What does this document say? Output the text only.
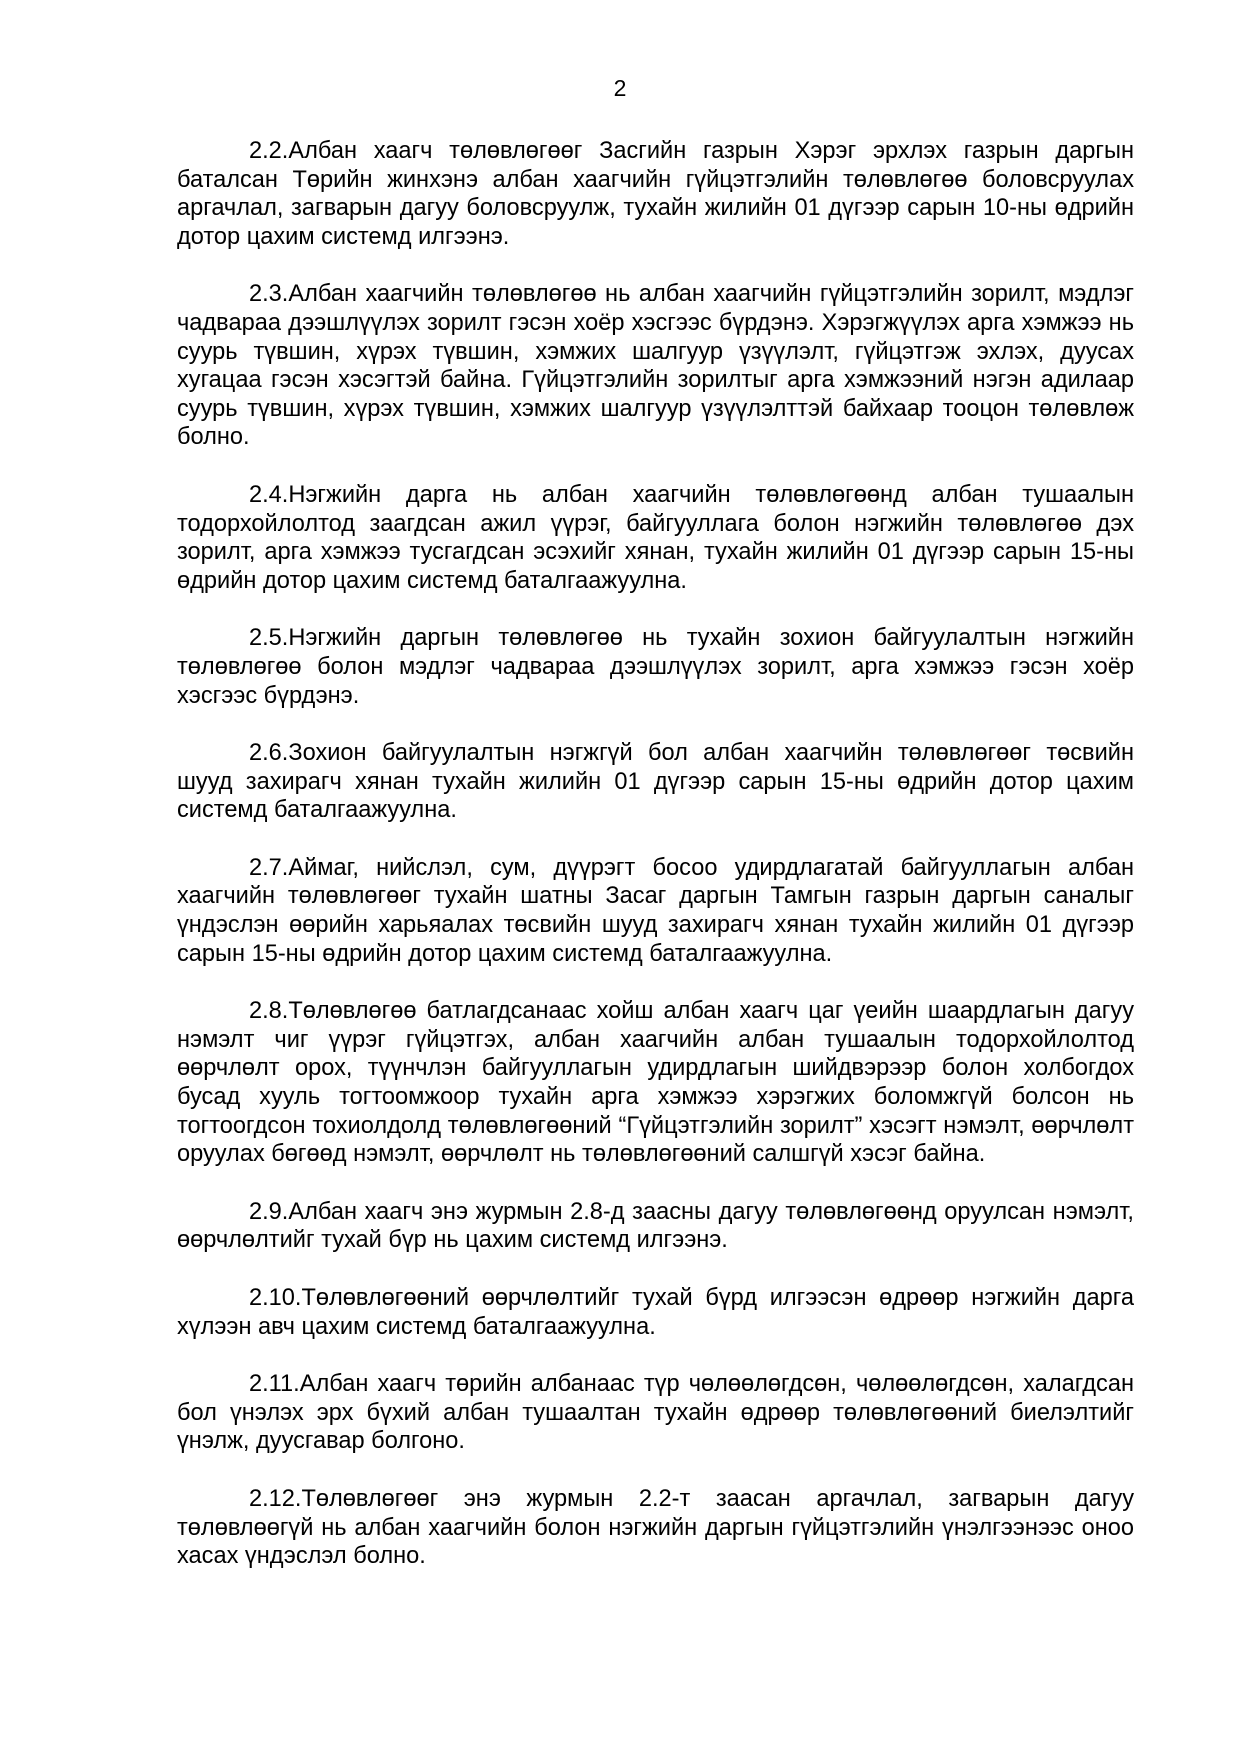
2

2.2.Албан хаагч төлөвлөгөөг Засгийн газрын Хэрэг эрхлэх газрын даргын баталсан Төрийн жинхэнэ албан хаагчийн гүйцэтгэлийн төлөвлөгөө боловсруулах аргачлал, загварын дагуу боловсруулж, тухайн жилийн 01 дүгээр сарын 10-ны өдрийн дотор цахим системд илгээнэ.

2.3.Албан хаагчийн төлөвлөгөө нь албан хаагчийн гүйцэтгэлийн зорилт, мэдлэг чадвараа дээшлүүлэх зорилт гэсэн хоёр хэсгээс бүрдэнэ. Хэрэгжүүлэх арга хэмжээ нь суурь түвшин, хүрэх түвшин, хэмжих шалгуур үзүүлэлт, гүйцэтгэж эхлэх, дуусах хугацаа гэсэн хэсэгтэй байна. Гүйцэтгэлийн зорилтыг арга хэмжээний нэгэн адилаар суурь түвшин, хүрэх түвшин, хэмжих шалгуур үзүүлэлттэй байхаар тооцон төлөвлөж болно.

2.4.Нэгжийн дарга нь албан хаагчийн төлөвлөгөөнд албан тушаалын тодорхойлолтод заагдсан ажил үүрэг, байгууллага болон нэгжийн төлөвлөгөө дэх зорилт, арга хэмжээ тусгагдсан эсэхийг хянан, тухайн жилийн 01 дүгээр сарын 15-ны өдрийн дотор цахим системд баталгаажуулна.

2.5.Нэгжийн даргын төлөвлөгөө нь тухайн зохион байгуулалтын нэгжийн төлөвлөгөө болон мэдлэг чадвараа дээшлүүлэх зорилт, арга хэмжээ гэсэн хоёр хэсгээс бүрдэнэ.

2.6.Зохион байгуулалтын нэгжгүй бол албан хаагчийн төлөвлөгөөг төсвийн шууд захирагч хянан тухайн жилийн 01 дүгээр сарын 15-ны өдрийн дотор цахим системд баталгаажуулна.

2.7.Аймаг, нийслэл, сум, дүүрэгт босоо удирдлагатай байгууллагын албан хаагчийн төлөвлөгөөг тухайн шатны Засаг даргын Тамгын газрын даргын саналыг үндэслэн өөрийн харьяалах төсвийн шууд захирагч хянан тухайн жилийн 01 дүгээр сарын 15-ны өдрийн дотор цахим системд баталгаажуулна.

2.8.Төлөвлөгөө батлагдсанаас хойш албан хаагч цаг үеийн шаардлагын дагуу нэмэлт чиг үүрэг гүйцэтгэх, албан хаагчийн албан тушаалын тодорхойлолтод өөрчлөлт орох, түүнчлэн байгууллагын удирдлагын шийдвэрээр болон холбогдох бусад хууль тогтоомжоор тухайн арга хэмжээ хэрэгжих боломжгүй болсон нь тогтоогдсон тохиолдолд төлөвлөгөөний “Гүйцэтгэлийн зорилт” хэсэгт нэмэлт, өөрчлөлт оруулах бөгөөд нэмэлт, өөрчлөлт нь төлөвлөгөөний салшгүй хэсэг байна.

2.9.Албан хаагч энэ журмын 2.8-д заасны дагуу төлөвлөгөөнд оруулсан нэмэлт, өөрчлөлтийг тухай бүр нь цахим системд илгээнэ.

2.10.Төлөвлөгөөний өөрчлөлтийг тухай бүрд илгээсэн өдрөөр нэгжийн дарга хүлээн авч цахим системд баталгаажуулна.

2.11.Албан хаагч төрийн албанаас түр чөлөөлөгдсөн, чөлөөлөгдсөн, халагдсан бол үнэлэх эрх бүхий албан тушаалтан тухайн өдрөөр төлөвлөгөөний биелэлтийг үнэлж, дуусгавар болгоно.

2.12.Төлөвлөгөөг энэ журмын 2.2-т заасан аргачлал, загварын дагуу төлөвлөөгүй нь албан хаагчийн болон нэгжийн даргын гүйцэтгэлийн үнэлгээнээс оноо хасах үндэслэл болно.
